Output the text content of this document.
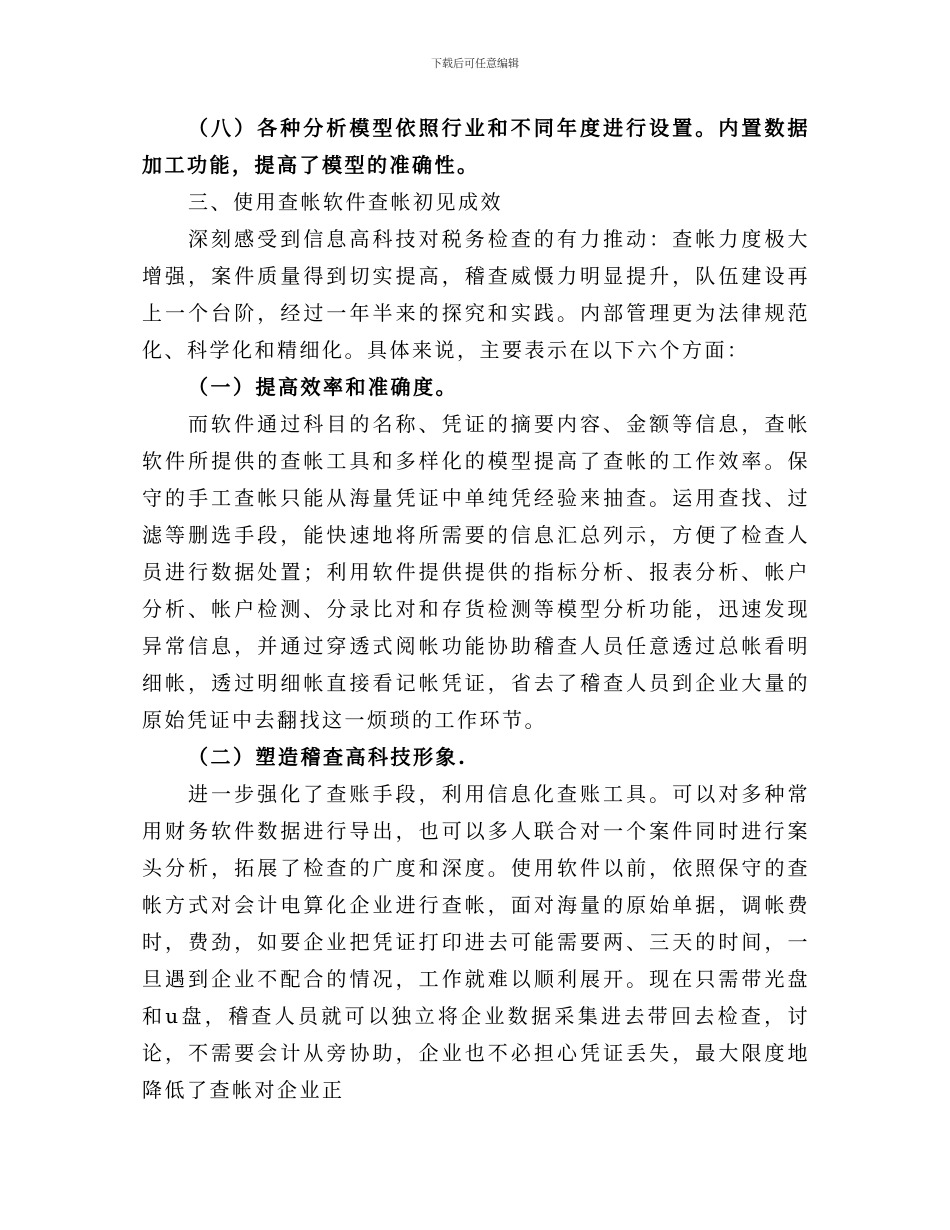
下载后可任意编辑

（八）各种分析模型依照行业和不同年度进行设置。内置数据加工功能，提高了模型的准确性。

三、使用查帐软件查帐初见成效

深刻感受到信息高科技对税务检查的有力推动：查帐力度极大增强，案件质量得到切实提高，稽查威慑力明显提升，队伍建设再上一个台阶，经过一年半来的探究和实践。内部管理更为法律规范化、科学化和精细化。具体来说，主要表示在以下六个方面：

（一）提高效率和准确度。

而软件通过科目的名称、凭证的摘要内容、金额等信息，查帐软件所提供的查帐工具和多样化的模型提高了查帐的工作效率。保守的手工查帐只能从海量凭证中单纯凭经验来抽查。运用查找、过滤等删选手段，能快速地将所需要的信息汇总列示，方便了检查人员进行数据处置；利用软件提供提供的指标分析、报表分析、帐户分析、帐户检测、分录比对和存货检测等模型分析功能，迅速发现异常信息，并通过穿透式阅帐功能协助稽查人员任意透过总帐看明细帐，透过明细帐直接看记帐凭证，省去了稽查人员到企业大量的原始凭证中去翻找这一烦琐的工作环节。

（二）塑造稽查高科技形象.

进一步强化了查账手段，利用信息化查账工具。可以对多种常用财务软件数据进行导出，也可以多人联合对一个案件同时进行案头分析，拓展了检查的广度和深度。使用软件以前，依照保守的查帐方式对会计电算化企业进行查帐，面对海量的原始单据，调帐费时，费劲，如要企业把凭证打印进去可能需要两、三天的时间，一旦遇到企业不配合的情况，工作就难以顺利展开。现在只需带光盘和u盘，稽查人员就可以独立将企业数据采集进去带回去检查，讨论，不需要会计从旁协助，企业也不必担心凭证丢失，最大限度地降低了查帐对企业正
